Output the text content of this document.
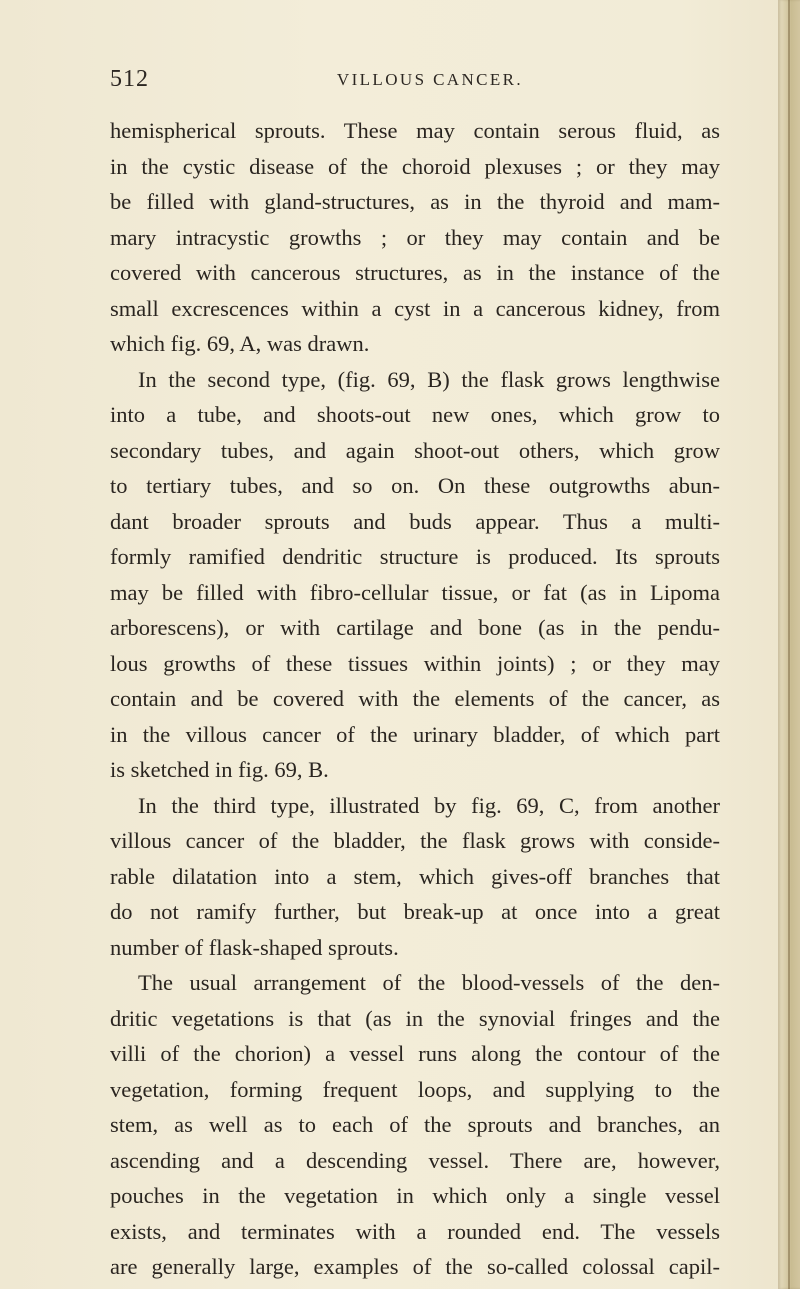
512	VILLOUS CANCER.
hemispherical sprouts. These may contain serous fluid, as
in the cystic disease of the choroid plexuses ; or they may
be filled with gland-structures, as in the thyroid and mam-
mary intracystic growths ; or they may contain and be
covered with cancerous structures, as in the instance of the
small excrescences within a cyst in a cancerous kidney, from
which fig. 69, A, was drawn.
In the second type, (fig. 69, B) the flask grows lengthwise
into a tube, and shoots-out new ones, which grow to
secondary tubes, and again shoot-out others, which grow
to tertiary tubes, and so on. On these outgrowths abun-
dant broader sprouts and buds appear. Thus a multi-
formly ramified dendritic structure is produced. Its sprouts
may be filled with fibro-cellular tissue, or fat (as in Lipoma
arborescens), or with cartilage and bone (as in the pendu-
lous growths of these tissues within joints) ; or they may
contain and be covered with the elements of the cancer, as
in the villous cancer of the urinary bladder, of which part
is sketched in fig. 69, B.
In the third type, illustrated by fig. 69, C, from another
villous cancer of the bladder, the flask grows with conside-
rable dilatation into a stem, which gives-off branches that
do not ramify further, but break-up at once into a great
number of flask-shaped sprouts.
The usual arrangement of the blood-vessels of the den-
dritic vegetations is that (as in the synovial fringes and the
villi of the chorion) a vessel runs along the contour of the
vegetation, forming frequent loops, and supplying to the
stem, as well as to each of the sprouts and branches, an
ascending and a descending vessel. There are, however,
pouches in the vegetation in which only a single vessel
exists, and terminates with a rounded end. The vessels
are generally large, examples of the so-called colossal capil-
